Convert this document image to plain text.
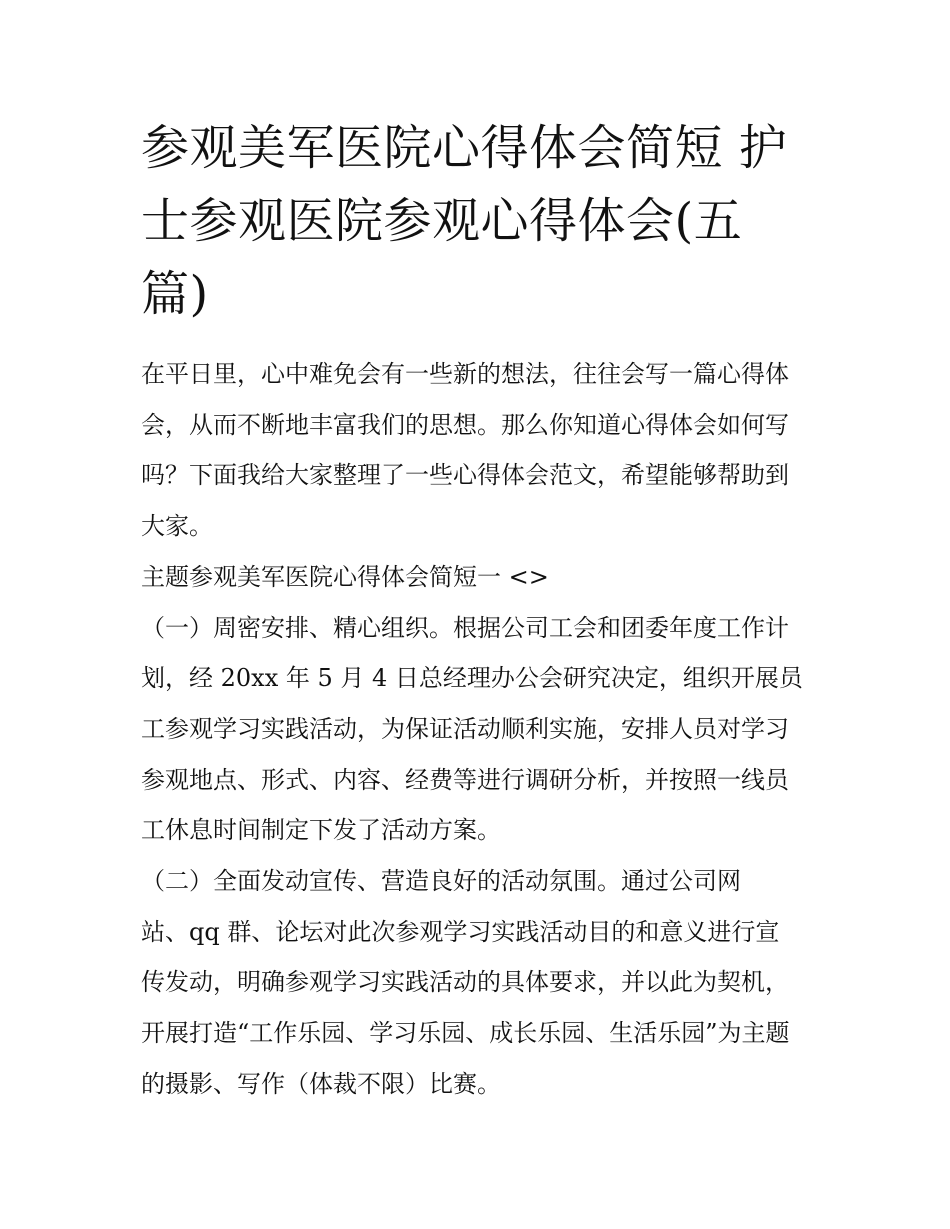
参观美军医院心得体会简短 护
士参观医院参观心得体会(五
篇)
在平日里，心中难免会有一些新的想法，往往会写一篇心得体
会，从而不断地丰富我们的思想。那么你知道心得体会如何写
吗？下面我给大家整理了一些心得体会范文，希望能够帮助到
大家。
主题参观美军医院心得体会简短一 <>
（一）周密安排、精心组织。根据公司工会和团委年度工作计
划，经 20xx 年 5 月 4 日总经理办公会研究决定，组织开展员
工参观学习实践活动，为保证活动顺利实施，安排人员对学习
参观地点、形式、内容、经费等进行调研分析，并按照一线员
工休息时间制定下发了活动方案。
（二）全面发动宣传、营造良好的活动氛围。通过公司网
站、qq 群、论坛对此次参观学习实践活动目的和意义进行宣
传发动，明确参观学习实践活动的具体要求，并以此为契机，
开展打造“工作乐园、学习乐园、成长乐园、生活乐园”为主题
的摄影、写作（体裁不限）比赛。
